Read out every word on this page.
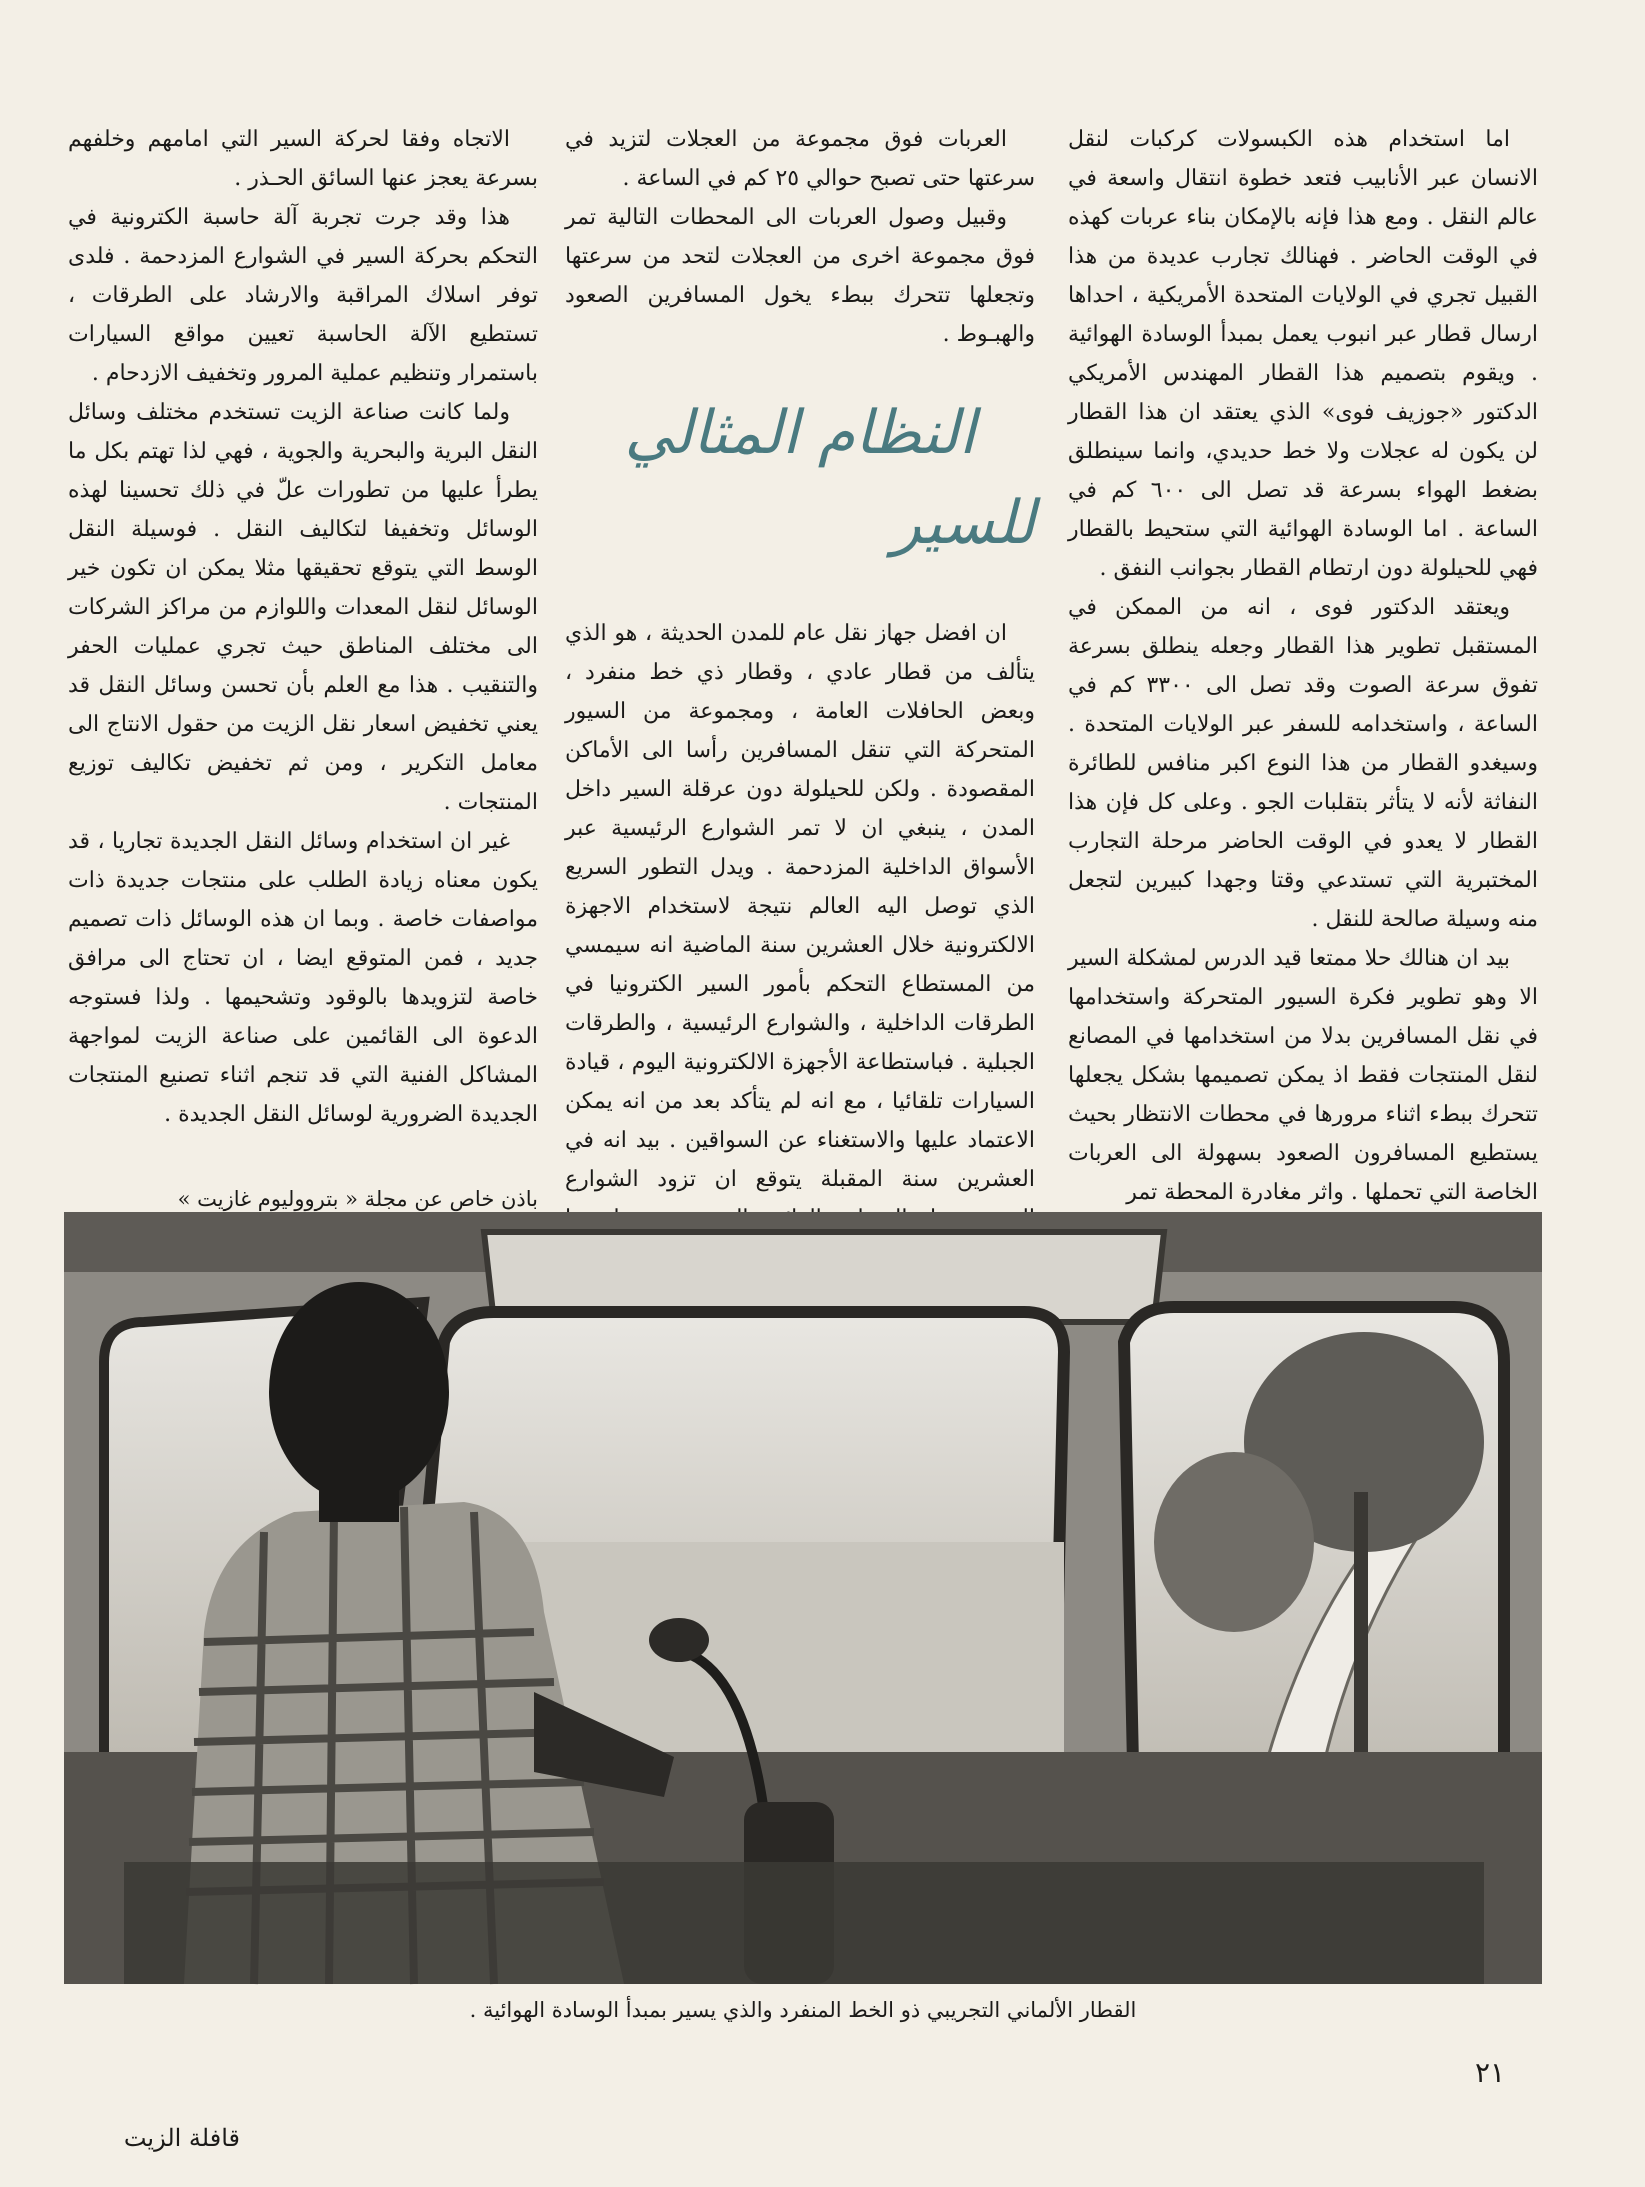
اما استخدام هذه الكبسولات كركبات لنقل الانسان عبر الأنابيب فتعد خطوة انتقال واسعة في عالم النقل . ومع هذا فإنه بالإمكان بناء عربات كهذه في الوقت الحاضر . فهنالك تجارب عديدة من هذا القبيل تجري في الولايات المتحدة الأمريكية ، احداها ارسال قطار عبر انبوب يعمل بمبدأ الوسادة الهوائية . ويقوم بتصميم هذا القطار المهندس الأمريكي الدكتور «جوزيف فوى» الذي يعتقد ان هذا القطار لن يكون له عجلات ولا خط حديدي، وانما سينطلق بضغط الهواء بسرعة قد تصل الى ٦٠٠ كم في الساعة . اما الوسادة الهوائية التي ستحيط بالقطار فهي للحيلولة دون ارتطام القطار بجوانب النفق .

ويعتقد الدكتور فوى ، انه من الممكن في المستقبل تطوير هذا القطار وجعله ينطلق بسرعة تفوق سرعة الصوت وقد تصل الى ٣٣٠٠ كم في الساعة ، واستخدامه للسفر عبر الولايات المتحدة . وسيغدو القطار من هذا النوع اكبر منافس للطائرة النفاثة لأنه لا يتأثر بتقلبات الجو . وعلى كل فإن هذا القطار لا يعدو في الوقت الحاضر مرحلة التجارب المختبرية التي تستدعي وقتا وجهدا كبيرين لتجعل منه وسيلة صالحة للنقل .

بيد ان هنالك حلا ممتعا قيد الدرس لمشكلة السير الا وهو تطوير فكرة السيور المتحركة واستخدامها في نقل المسافرين بدلا من استخدامها في المصانع لنقل المنتجات فقط اذ يمكن تصميمها بشكل يجعلها تتحرك ببطء اثناء مرورها في محطات الانتظار بحيث يستطيع المسافرون الصعود بسهولة الى العربات الخاصة التي تحملها . واثر مغادرة المحطة تمر

العربات فوق مجموعة من العجلات لتزيد في سرعتها حتى تصبح حوالي ٢٥ كم في الساعة .

وقبيل وصول العربات الى المحطات التالية تمر فوق مجموعة اخرى من العجلات لتحد من سرعتها وتجعلها تتحرك ببطء يخول المسافرين الصعود والهبـوط .

النظام المثالي للسير

ان افضل جهاز نقل عام للمدن الحديثة ، هو الذي يتألف من قطار عادي ، وقطار ذي خط منفرد ، وبعض الحافلات العامة ، ومجموعة من السيور المتحركة التي تنقل المسافرين رأسا الى الأماكن المقصودة . ولكن للحيلولة دون عرقلة السير داخل المدن ، ينبغي ان لا تمر الشوارع الرئيسية عبر الأسواق الداخلية المزدحمة . ويدل التطور السريع الذي توصل اليه العالم نتيجة لاستخدام الاجهزة الالكترونية خلال العشرين سنة الماضية انه سيمسي من المستطاع التحكم بأمور السير الكترونيا في الطرقات الداخلية ، والشوارع الرئيسية ، والطرقات الجبلية . فباستطاعة الأجهزة الالكترونية اليوم ، قيادة السيارات تلقائيا ، مع انه لم يتأكد بعد من انه يمكن الاعتماد عليها والاستغناء عن السواقين . بيد انه في العشرين سنة المقبلة يتوقع ان تزود الشوارع

الاتجاه وفقا لحركة السير التي امامهم وخلفهم بسرعة يعجز عنها السائق الحـذر .

هذا وقد جرت تجربة آلة حاسبة الكترونية في التحكم بحركة السير في الشوارع المزدحمة . فلدى توفر اسلاك المراقبة والارشاد على الطرقات ، تستطيع الآلة الحاسبة تعيين مواقع السيارات باستمرار وتنظيم عملية المرور وتخفيف الازدحام .

ولما كانت صناعة الزيت تستخدم مختلف وسائل النقل البرية والبحرية والجوية ، فهي لذا تهتم بكل ما يطرأ عليها من تطورات علّ في ذلك تحسينا لهذه الوسائل وتخفيفا لتكاليف النقل . فوسيلة النقل الوسط التي يتوقع تحقيقها مثلا يمكن ان تكون خير الوسائل لنقل المعدات واللوازم من مراكز الشركات الى مختلف المناطق حيث تجري عمليات الحفر والتنقيب . هذا مع العلم بأن تحسن وسائل النقل قد يعني تخفيض اسعار نقل الزيت من حقول الانتاج الى معامل التكرير ، ومن ثم تخفيض تكاليف توزيع المنتجات .

غير ان استخدام وسائل النقل الجديدة تجاريا ، قد يكون معناه زيادة الطلب على منتجات جديدة ذات مواصفات خاصة . وبما ان هذه الوسائل ذات تصميم جديد ، فمن المتوقع ايضا ، ان تحتاج الى مرافق خاصة لتزويدها بالوقود وتشحيمها . ولذا فستوجه الدعوة الى القائمين على صناعة الزيت لمواجهة المشاكل الفنية التي قد تنجم اثناء تصنيع المنتجات الجديدة الضرورية لوسائل النقل الجديدة .

باذن خاص عن مجلة « بترووليوم غازيت »
القطار الألماني التجريبي ذو الخط المنفرد والذي يسير بمبدأ الوسادة الهوائية .
٢١
قافلة الزيت
